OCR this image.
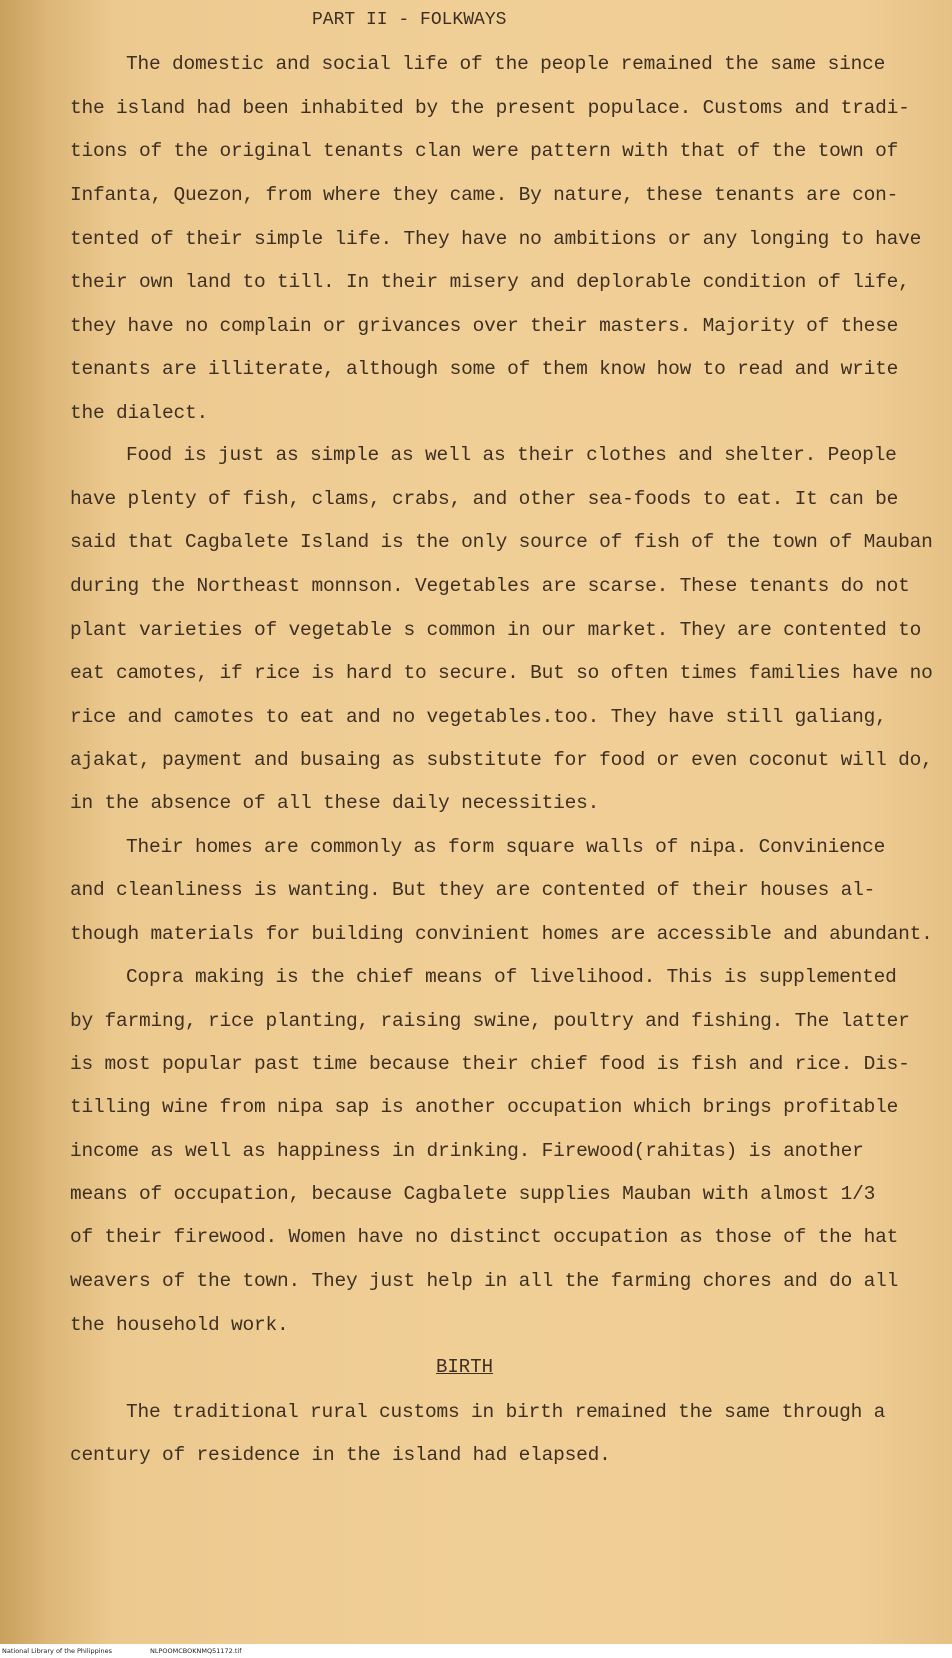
PART II - FOLKWAYS
The domestic and social life of the people remained the same since
the island had been inhabited by the present populace. Customs and tradi-
tions of the original tenants clan were pattern with that of the town of
Infanta, Quezon, from where they came. By nature, these tenants are con-
tented of their simple life. They have no ambitions or any longing to have
their own land to till. In their misery and deplorable condition of life,
they have no complain or grivances over their masters. Majority of these
tenants are illiterate, although some of them know how to read and write
the dialect.
Food is just as simple as well as their clothes and shelter. People
have plenty of fish, clams, crabs, and other sea-foods to eat. It can be
said that Cagbalete Island is the only source of fish of the town of Mauban
during the Northeast monnson. Vegetables are scarse. These tenants do not
plant varieties of vegetable s common in our market. They are contented to
eat camotes, if rice is hard to secure. But so often times families have no
rice and camotes to eat and no vegetables.too. They have still galiang,
ajakat, payment and busaing as substitute for food or even coconut will do,
in the absence of all these daily necessities.
Their homes are commonly as form square walls of nipa. Convinience
and cleanliness is wanting. But they are contented of their houses al-
though materials for building convinient homes are accessible and abundant.
Copra making is the chief means of livelihood. This is supplemented
by farming, rice planting, raising swine, poultry and fishing. The latter
is most popular past time because their chief food is fish and rice. Dis-
tilling wine from nipa sap is another occupation which brings profitable
income as well as happiness in drinking. Firewood(rahitas) is another
means of occupation, because Cagbalete supplies Mauban with almost 1/3
of their firewood. Women have no distinct occupation as those of the hat
weavers of the town. They just help in all the farming chores and do all
the household work.
BIRTH
The traditional rural customs in birth remained the same through a
century of residence in the island had elapsed.
National Library of the Philippines	NLPOOMCBOKNMQ51172.tif
